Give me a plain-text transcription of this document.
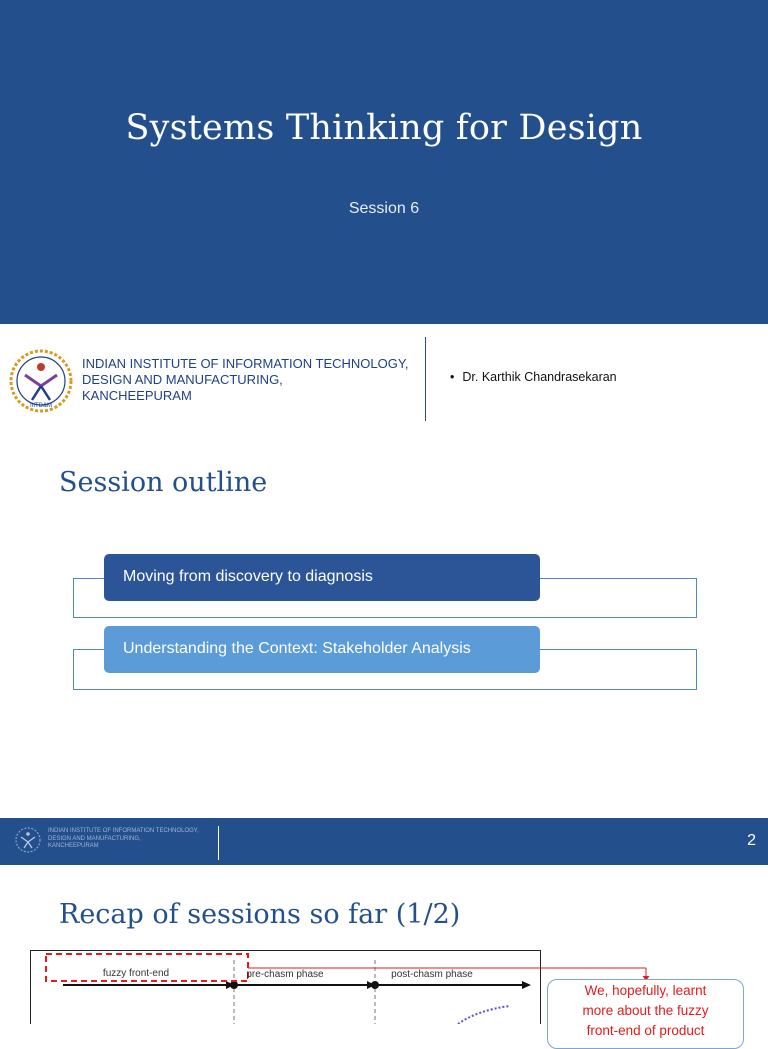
Systems Thinking for Design
Session 6
IIITD&M
INDIAN INSTITUTE OF INFORMATION TECHNOLOGY,
DESIGN AND MANUFACTURING,
KANCHEEPURAM
• Dr. Karthik Chandrasekaran
Session outline
Moving from discovery to diagnosis
Understanding the Context: Stakeholder Analysis
INDIAN INSTITUTE OF INFORMATION TECHNOLOGY,
DESIGN AND MANUFACTURING,
KANCHEEPURAM	2
Recap of sessions so far (1/2)
fuzzy front-end	pre-chasm phase	post-chasm phase
We, hopefully, learnt
more about the fuzzy
front-end of product
